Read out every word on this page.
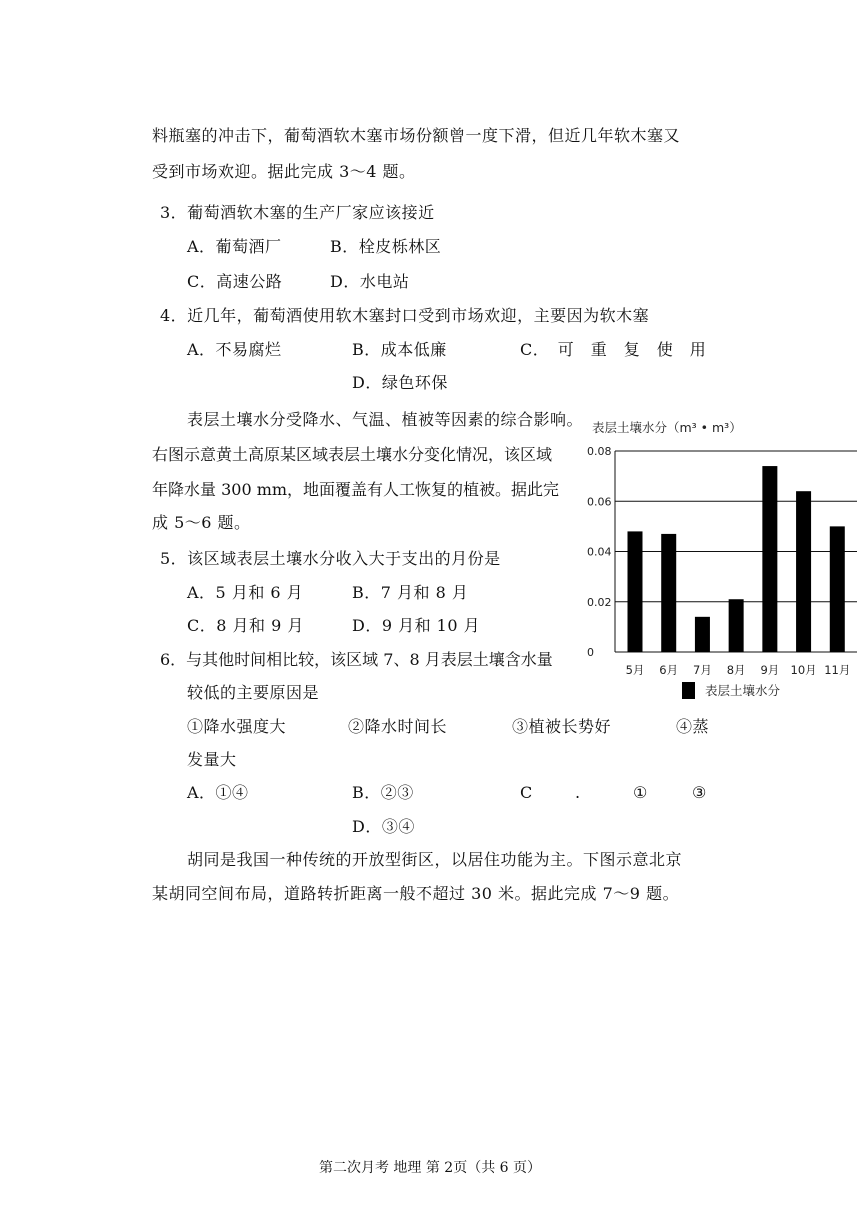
料瓶塞的冲击下，葡萄酒软木塞市场份额曾一度下滑，但近几年软木塞又
受到市场欢迎。据此完成 3～4 题。
3．葡萄酒软木塞的生产厂家应该接近
A．葡萄酒厂	B．栓皮栎林区
C．高速公路	D．水电站
4．近几年，葡萄酒使用软木塞封口受到市场欢迎，主要因为软木塞
A．不易腐烂	B．成本低廉	C．　可　重　复　使　用
D．绿色环保
表层土壤水分受降水、气温、植被等因素的综合影响。
右图示意黄土高原某区域表层土壤水分变化情况，该区域
年降水量 300 mm，地面覆盖有人工恢复的植被。据此完
成 5～6 题。
5．该区域表层土壤水分收入大于支出的月份是
A．5 月和 6 月	B．7 月和 8 月
C．8 月和 9 月	D．9 月和 10 月
6．与其他时间相比较，该区域 7、8 月表层土壤含水量
较低的主要原因是
①降水强度大	②降水时间长	③植被长势好	④蒸
发量大
A．①④	B．②③	C	.	①	③
D．③④
胡同是我国一种传统的开放型街区，以居住功能为主。下图示意北京
某胡同空间布局，道路转折距离一般不超过 30 米。据此完成 7～9 题。
表层土壤水分（m³ • m³）
0
0.02
0.04
0.06
0.08
5月 6月 7月 8月 9月 10月 11月
表层土壤水分
第二次月考 地理 第 2页（共 6 页）
